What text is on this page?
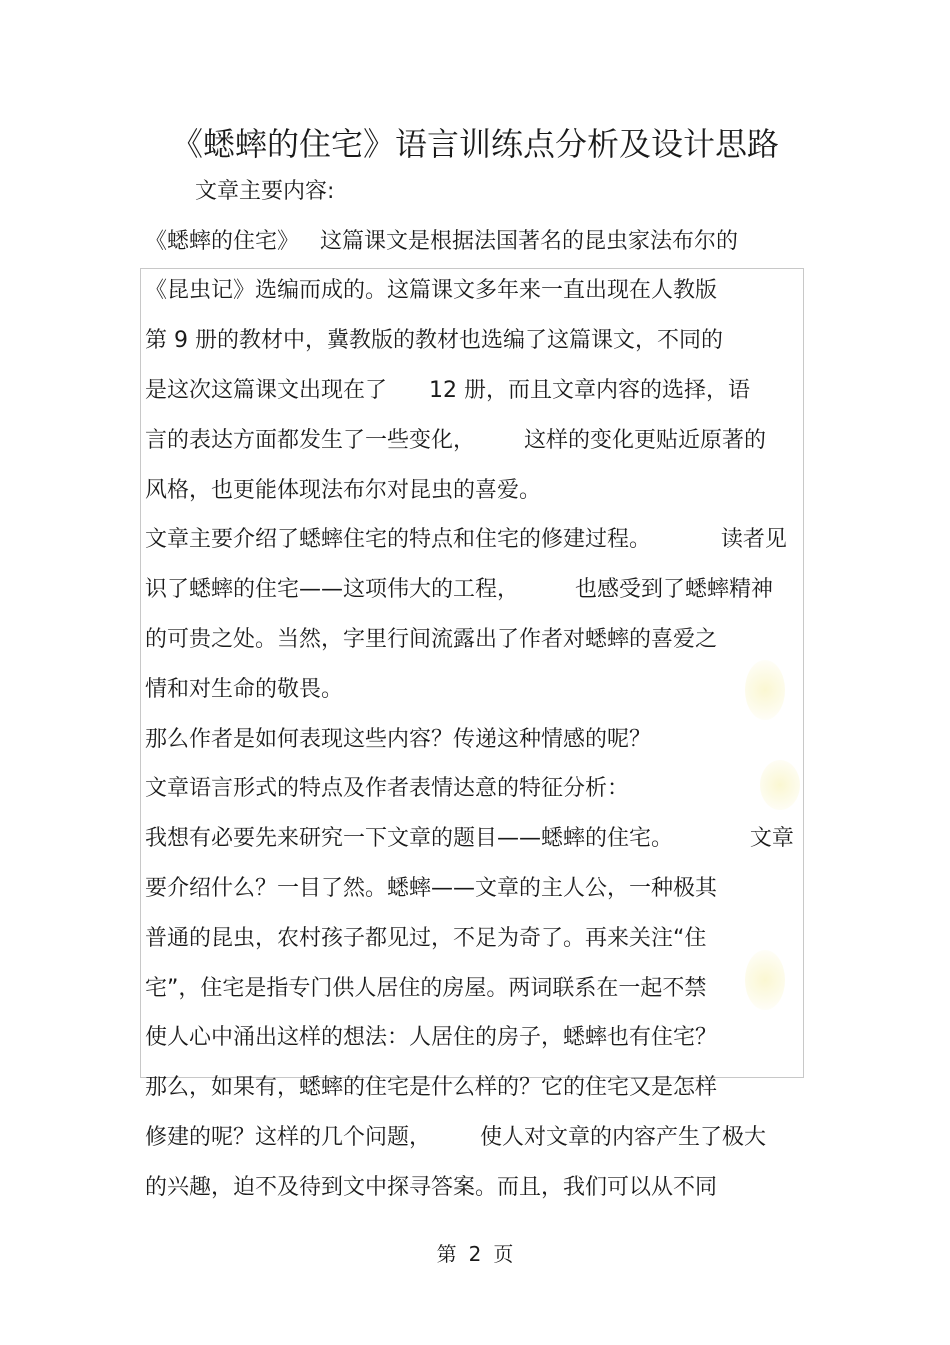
《蟋蟀的住宅》语言训练点分析及设计思路
文章主要内容:
《蟋蟀的住宅》   这篇课文是根据法国著名的昆虫家法布尔的
《昆虫记》选编而成的。这篇课文多年来一直出现在人教版
第 9 册的教材中，冀教版的教材也选编了这篇课文，不同的
是这次这篇课文出现在了      12 册，而且文章内容的选择，语
言的表达方面都发生了一些变化，       这样的变化更贴近原著的
风格，也更能体现法布尔对昆虫的喜爱。
文章主要介绍了蟋蟀住宅的特点和住宅的修建过程。          读者见
识了蟋蟀的住宅——这项伟大的工程，        也感受到了蟋蟀精神
的可贵之处。当然，字里行间流露出了作者对蟋蟀的喜爱之
情和对生命的敬畏。
那么作者是如何表现这些内容？传递这种情感的呢？
文章语言形式的特点及作者表情达意的特征分析：
我想有必要先来研究一下文章的题目——蟋蟀的住宅。           文章
要介绍什么？一目了然。蟋蟀——文章的主人公，一种极其
普通的昆虫，农村孩子都见过，不足为奇了。再来关注“住
宅”，住宅是指专门供人居住的房屋。两词联系在一起不禁
使人心中涌出这样的想法：人居住的房子，蟋蟀也有住宅？
那么，如果有，蟋蟀的住宅是什么样的？它的住宅又是怎样
修建的呢？这样的几个问题，       使人对文章的内容产生了极大
的兴趣，迫不及待到文中探寻答案。而且，我们可以从不同
第 2 页
